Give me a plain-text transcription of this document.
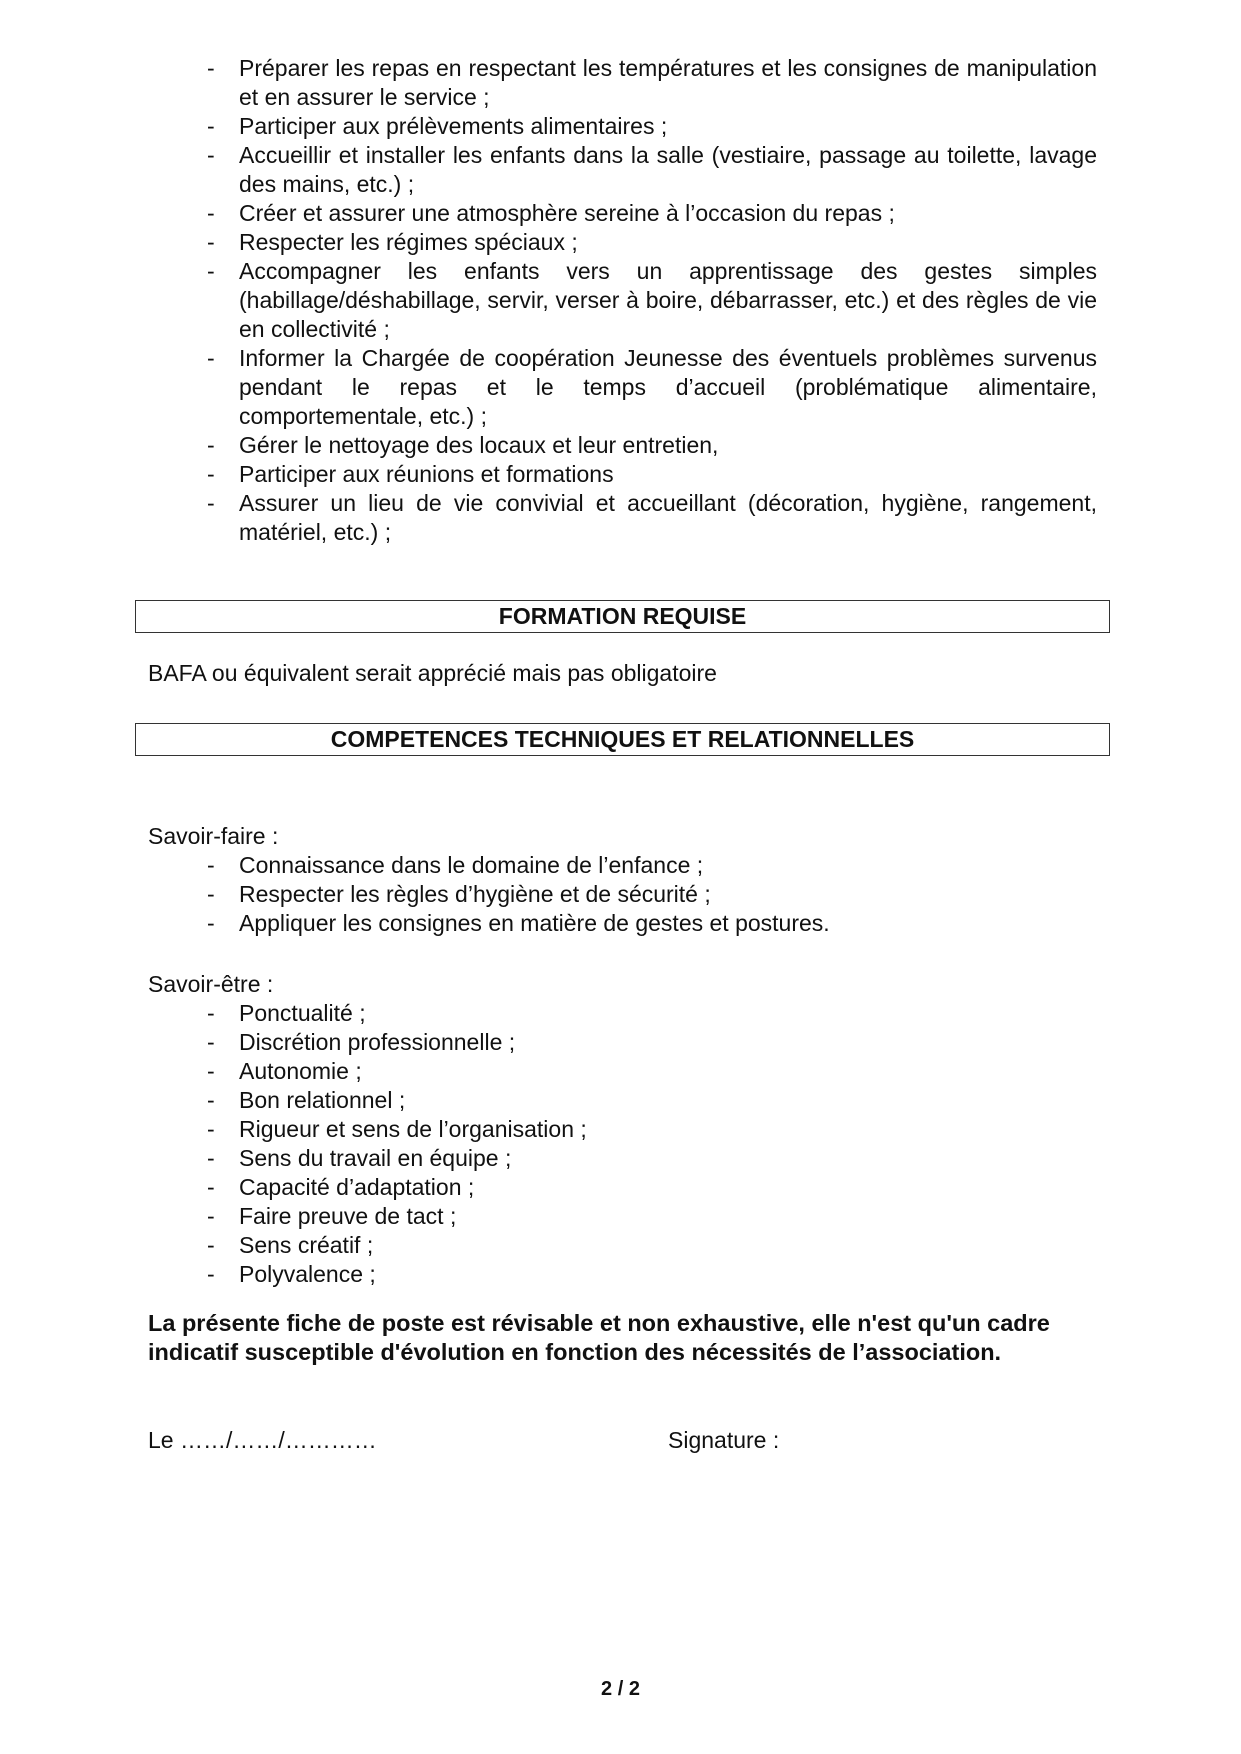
- Préparer les repas en respectant les températures et les consignes de manipulation et en assurer le service ;
- Participer aux prélèvements alimentaires ;
- Accueillir et installer les enfants dans la salle (vestiaire, passage au toilette, lavage des mains, etc.) ;
- Créer et assurer une atmosphère sereine à l’occasion du repas ;
- Respecter les régimes spéciaux ;
- Accompagner les enfants vers un apprentissage des gestes simples (habillage/déshabillage, servir, verser à boire, débarrasser, etc.) et des règles de vie en collectivité ;
- Informer la Chargée de coopération Jeunesse des éventuels problèmes survenus pendant le repas et le temps d’accueil (problématique alimentaire, comportementale, etc.) ;
- Gérer le nettoyage des locaux et leur entretien,
- Participer aux réunions et formations
- Assurer un lieu de vie convivial et accueillant (décoration, hygiène, rangement, matériel, etc.) ;
FORMATION REQUISE
BAFA ou équivalent serait apprécié mais pas obligatoire
COMPETENCES TECHNIQUES ET RELATIONNELLES
Savoir-faire :
- Connaissance dans le domaine de l’enfance ;
- Respecter les règles d’hygiène et de sécurité ;
- Appliquer les consignes en matière de gestes et postures.
Savoir-être :
- Ponctualité ;
- Discrétion professionnelle ;
- Autonomie ;
- Bon relationnel ;
- Rigueur et sens de l’organisation ;
- Sens du travail en équipe ;
- Capacité d’adaptation ;
- Faire preuve de tact ;
- Sens créatif ;
- Polyvalence ;
La présente fiche de poste est révisable et non exhaustive, elle n'est qu'un cadre indicatif susceptible d'évolution en fonction des nécessités de l’association.
Le ……/……/…………	Signature :
2 / 2
